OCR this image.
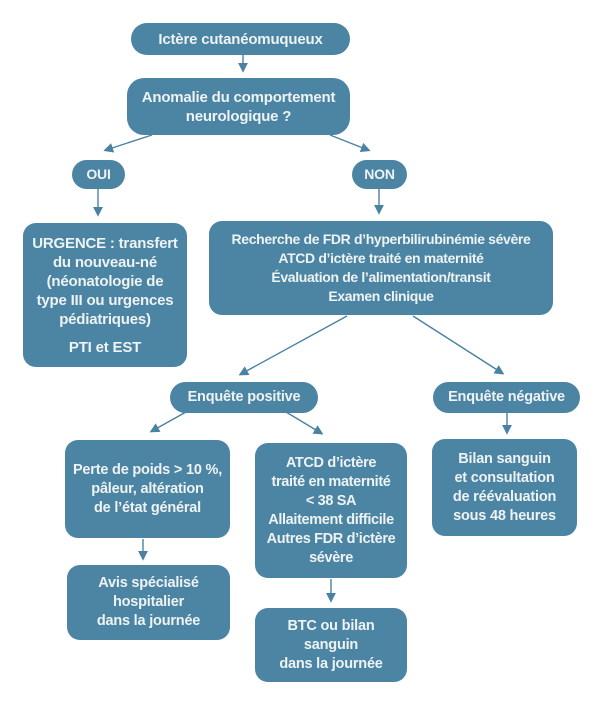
Ictère cutanéomuqueux
Anomalie du comportement
neurologique ?
OUI	NON
URGENCE : transfert
du nouveau-né
(néonatologie de
type III ou urgences
pédiatriques)
PTI et EST
Recherche de FDR d’hyperbilirubinémie sévère
ATCD d’ictère traité en maternité
Évaluation de l’alimentation/transit
Examen clinique
Enquête positive	Enquête négative
Perte de poids > 10 %,
pâleur, altération
de l’état général
ATCD d’ictère
traité en maternité
< 38 SA
Allaitement difficile
Autres FDR d’ictère
sévère
Bilan sanguin
et consultation
de réévaluation
sous 48 heures
Avis spécialisé
hospitalier
dans la journée	BTC ou bilan
sanguin
dans la journée
